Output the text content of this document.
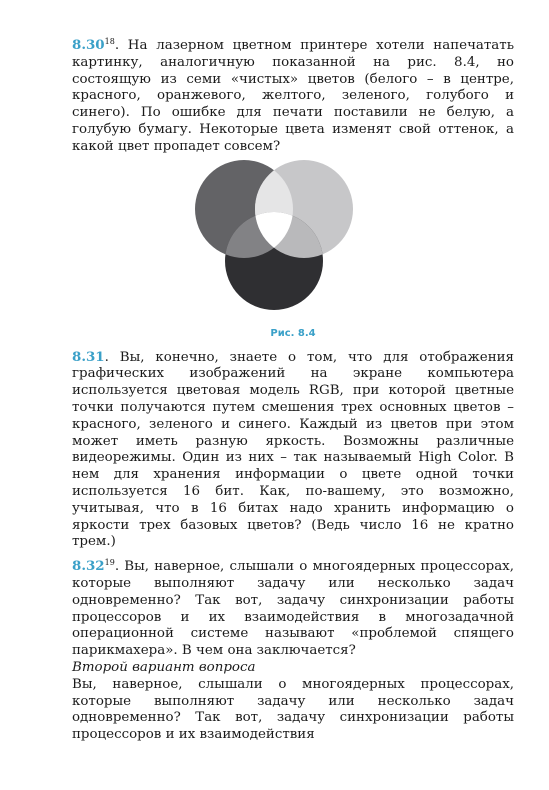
8.30$^{18}$. На лазерном цветном принтере хотели напечатать картинку, аналогичную показанной на рис. 8.4, но состоящую из семи «чистых» цветов (белого – в центре, красного, оранжевого, желтого, зеленого, голубого и синего). По ошибке для печати поставили не белую, а голубую бумагу. Некоторые цвета изменят свой оттенок, а какой цвет пропадет совсем?

Рис. 8.4

8.31. Вы, конечно, знаете о том, что для отображения графических изображений на экране компьютера используется цветовая модель RGB, при которой цветные точки получаются путем смешения трех основных цветов – красного, зеленого и синего. Каждый из цветов при этом может иметь разную яркость. Возможны различные видеорежимы. Один из них – так называемый High Color. В нем для хранения информации о цвете одной точки используется 16 бит. Как, по-вашему, это возможно, учитывая, что в 16 битах надо хранить информацию о яркости трех базовых цветов? (Ведь число 16 не кратно трем.)

8.32$^{19}$. Вы, наверное, слышали о многоядерных процессорах, которые выполняют задачу или несколько задач одновременно? Так вот, задачу синхронизации работы процессоров и их взаимодействия в многозадачной операционной системе называют «проблемой спящего парикмахера». В чем она заключается?

Второй вариант вопроса

Вы, наверное, слышали о многоядерных процессорах, которые выполняют задачу или несколько задач одновременно? Так вот, задачу синхронизации работы процессоров и их взаимодействия
